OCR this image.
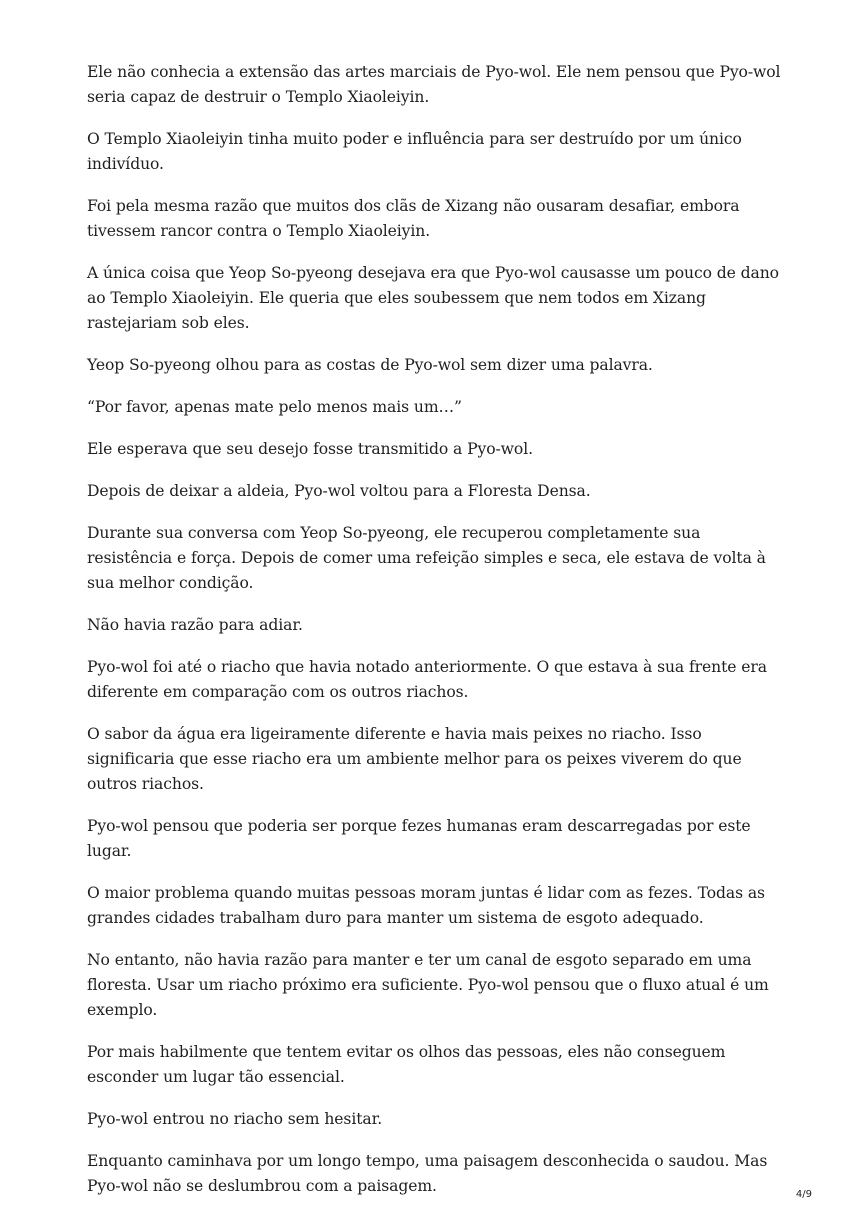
Ele não conhecia a extensão das artes marciais de Pyo-wol. Ele nem pensou que Pyo-wol seria capaz de destruir o Templo Xiaoleiyin.

O Templo Xiaoleiyin tinha muito poder e influência para ser destruído por um único indivíduo.

Foi pela mesma razão que muitos dos clãs de Xizang não ousaram desafiar, embora tivessem rancor contra o Templo Xiaoleiyin.

A única coisa que Yeop So-pyeong desejava era que Pyo-wol causasse um pouco de dano ao Templo Xiaoleiyin. Ele queria que eles soubessem que nem todos em Xizang rastejariam sob eles.

Yeop So-pyeong olhou para as costas de Pyo-wol sem dizer uma palavra.

“Por favor, apenas mate pelo menos mais um…”

Ele esperava que seu desejo fosse transmitido a Pyo-wol.

Depois de deixar a aldeia, Pyo-wol voltou para a Floresta Densa.

Durante sua conversa com Yeop So-pyeong, ele recuperou completamente sua resistência e força. Depois de comer uma refeição simples e seca, ele estava de volta à sua melhor condição.

Não havia razão para adiar.

Pyo-wol foi até o riacho que havia notado anteriormente. O que estava à sua frente era diferente em comparação com os outros riachos.

O sabor da água era ligeiramente diferente e havia mais peixes no riacho. Isso significaria que esse riacho era um ambiente melhor para os peixes viverem do que outros riachos.

Pyo-wol pensou que poderia ser porque fezes humanas eram descarregadas por este lugar.

O maior problema quando muitas pessoas moram juntas é lidar com as fezes. Todas as grandes cidades trabalham duro para manter um sistema de esgoto adequado.

No entanto, não havia razão para manter e ter um canal de esgoto separado em uma floresta. Usar um riacho próximo era suficiente. Pyo-wol pensou que o fluxo atual é um exemplo.

Por mais habilmente que tentem evitar os olhos das pessoas, eles não conseguem esconder um lugar tão essencial.

Pyo-wol entrou no riacho sem hesitar.

Enquanto caminhava por um longo tempo, uma paisagem desconhecida o saudou. Mas Pyo-wol não se deslumbrou com a paisagem.	4/9
